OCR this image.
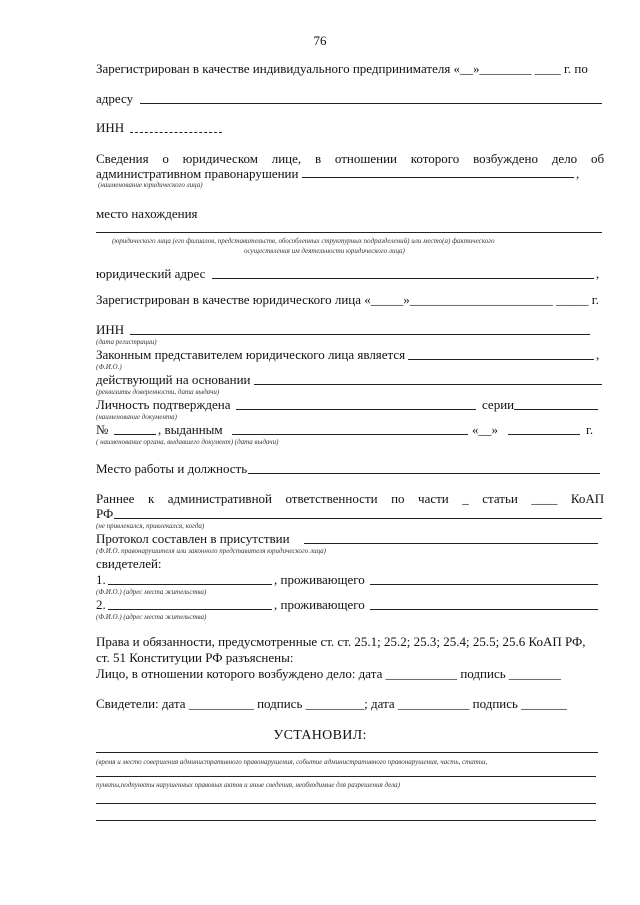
76
Зарегистрирован в качестве индивидуального предпринимателя «__»________ ____ г. по
адресу
ИНН
Сведения о юридическом лице, в отношении которого возбуждено дело об
административном правонарушении	,
(наименование юридического лица)
место нахождения
(юридического лица (его филиалов, представительств, обособленных структурных подразделений) или место(а) фактического
осуществления им деятельности юридического лица)
юридический адрес	,
Зарегистрирован в качестве юридического лица «_____»______________________ _____ г.
ИНН
(дата регистрации)
Законным представителем юридического лица является	,
(Ф.И.О.)
действующий на основании
(реквизиты доверенности, дата выдачи)
Личность подтверждена	серии
(наименование документа)
№	, выданным	«__»	г.
( наименование органа, выдавшего документ) (дата выдачи)
Место работы и должность
Раннее к административной ответственности по части _ статьи ____ КоАП
РФ
(не привлекался, привлекался, когда)
Протокол составлен в присутствии
(Ф.И.О. правонарушителя или законного представителя юридического лица)
свидетелей:
1.	, проживающего
(Ф.И.О.) (адрес места жительства)
2.	, проживающего
(Ф.И.О.) (адрес места жительства)
Права и обязанности, предусмотренные ст. ст. 25.1; 25.2; 25.3; 25.4; 25.5; 25.6 КоАП РФ,
ст. 51 Конституции РФ разъяснены:
Лицо, в отношении которого возбуждено дело: дата ___________ подпись ________
Свидетели: дата __________ подпись _________; дата ___________ подпись _______
УСТАНОВИЛ:
(время и место совершения административного правонарушения, событие административного правонарушения, часть, статьи,
пункты,подпункты нарушенных правовых актов и иные сведения, необходимые для разрешения дела)
